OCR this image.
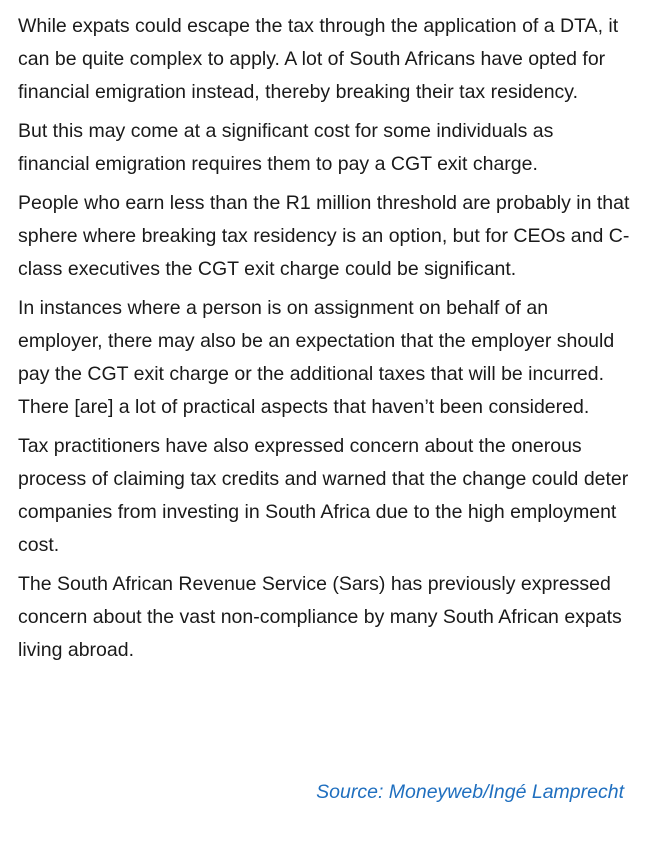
While expats could escape the tax through the application of a DTA, it can be quite complex to apply. A lot of South Africans have opted for financial emigration instead, thereby breaking their tax residency.

But this may come at a significant cost for some individuals as financial emigration requires them to pay a CGT exit charge.

People who earn less than the R1 million threshold are probably in that sphere where breaking tax residency is an option, but for CEOs and C-class executives the CGT exit charge could be significant.

In instances where a person is on assignment on behalf of an employer, there may also be an expectation that the employer should pay the CGT exit charge or the additional taxes that will be incurred. There [are] a lot of practical aspects that haven’t been considered.

Tax practitioners have also expressed concern about the onerous process of claiming tax credits and warned that the change could deter companies from investing in South Africa due to the high employment cost.

The South African Revenue Service (Sars) has previously expressed concern about the vast non-compliance by many South African expats living abroad.

Source: Moneyweb/Ingé Lamprecht
